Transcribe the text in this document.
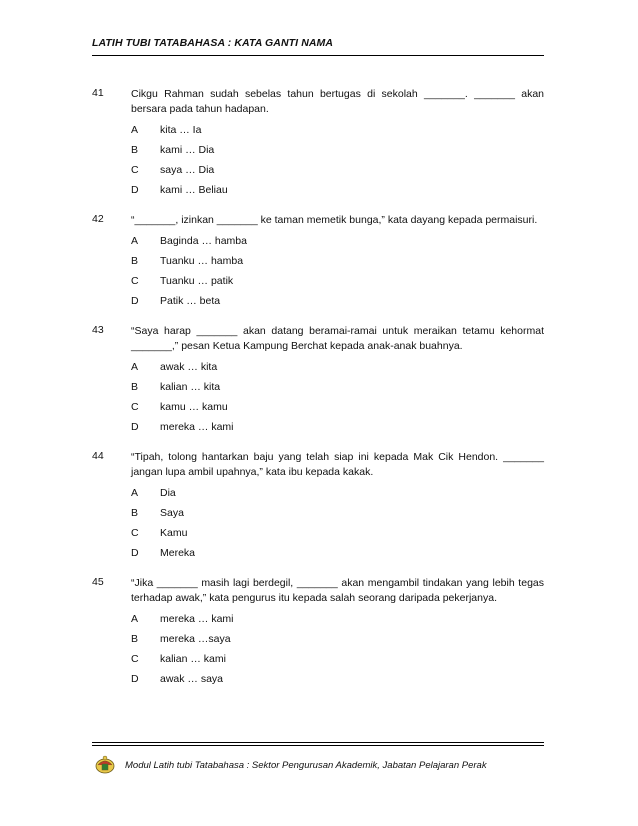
LATIH TUBI TATABAHASA : KATA GANTI NAMA
41	Cikgu Rahman sudah sebelas tahun bertugas di sekolah _______. _______ akan bersara pada tahun hadapan.
A	kita … Ia
B	kami … Dia
C	saya … Dia
D	kami … Beliau
42	“_______, izinkan _______ ke taman memetik bunga,” kata dayang kepada permaisuri.
A	Baginda … hamba
B	Tuanku … hamba
C	Tuanku … patik
D	Patik … beta
43	“Saya harap _______ akan datang beramai-ramai untuk meraikan tetamu kehormat _______,” pesan Ketua Kampung Berchat kepada anak-anak buahnya.
A	awak … kita
B	kalian … kita
C	kamu … kamu
D	mereka … kami
44	“Tipah, tolong hantarkan baju yang telah siap ini kepada Mak Cik Hendon. _______ jangan lupa ambil upahnya,” kata ibu kepada kakak.
A	Dia
B	Saya
C	Kamu
D	Mereka
45	“Jika _______ masih lagi berdegil, _______ akan mengambil tindakan yang lebih tegas terhadap awak,” kata pengurus itu kepada salah seorang daripada pekerjanya.
A	mereka … kami
B	mereka …saya
C	kalian … kami
D	awak … saya
Modul Latih tubi Tatabahasa : Sektor Pengurusan Akademik, Jabatan Pelajaran Perak
